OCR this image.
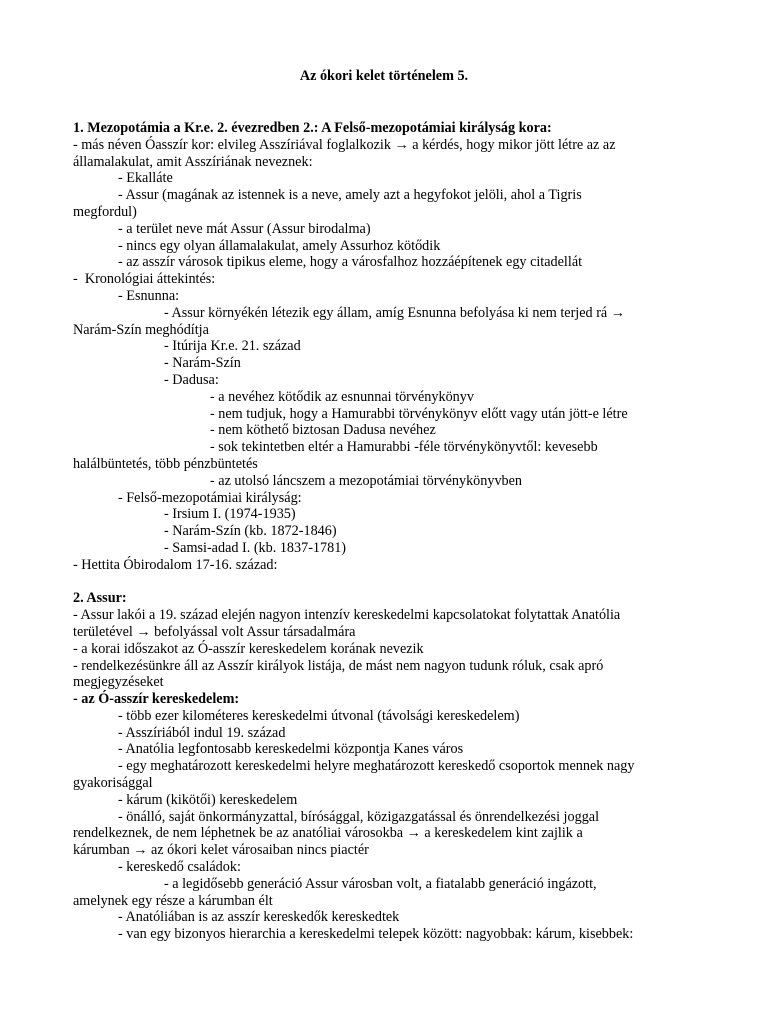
Az ókori kelet történelem 5.
1. Mezopotámia a Kr.e. 2. évezredben 2.: A Felső-mezopotámiai királyság kora:
- más néven Óasszír kor: elvileg Asszíriával foglalkozik → a kérdés, hogy mikor jött létre az az
államalakulat, amit Asszíriának neveznek:
- Ekalláte
- Assur (magának az istennek is a neve, amely azt a hegyfokot jelöli, ahol a Tigris
megfordul)
- a terület neve mát Assur (Assur birodalma)
- nincs egy olyan államalakulat, amely Assurhoz kötődik
- az asszír városok tipikus eleme, hogy a városfalhoz hozzáépítenek egy citadellát
-  Kronológiai áttekintés:
- Esnunna:
- Assur környékén létezik egy állam, amíg Esnunna befolyása ki nem terjed rá →
Narám-Szín meghódítja
- Itúrija Kr.e. 21. század
- Narám-Szín
- Dadusa:
- a nevéhez kötődik az esnunnai törvénykönyv
- nem tudjuk, hogy a Hamurabbi törvénykönyv előtt vagy után jött-e létre
- nem köthető biztosan Dadusa nevéhez
- sok tekintetben eltér a Hamurabbi -féle törvénykönyvtől: kevesebb
halálbüntetés, több pénzbüntetés
- az utolsó láncszem a mezopotámiai törvénykönyvben
- Felső-mezopotámiai királyság:
- Irsium I. (1974-1935)
- Narám-Szín (kb. 1872-1846)
- Samsi-adad I. (kb. 1837-1781)
- Hettita Óbirodalom 17-16. század:
2. Assur:
- Assur lakói a 19. század elején nagyon intenzív kereskedelmi kapcsolatokat folytattak Anatólia
területével → befolyással volt Assur társadalmára
- a korai időszakot az Ó-asszír kereskedelem korának nevezik
- rendelkezésünkre áll az Asszír királyok listája, de mást nem nagyon tudunk róluk, csak apró
megjegyzéseket
- az Ó-asszír kereskedelem:
- több ezer kilométeres kereskedelmi útvonal (távolsági kereskedelem)
- Asszíriából indul 19. század
- Anatólia legfontosabb kereskedelmi központja Kanes város
- egy meghatározott kereskedelmi helyre meghatározott kereskedő csoportok mennek nagy
gyakorisággal
- kárum (kikötői) kereskedelem
- önálló, saját önkormányzattal, bírósággal, közigazgatással és önrendelkezési joggal
rendelkeznek, de nem léphetnek be az anatóliai városokba → a kereskedelem kint zajlik a
kárumban → az ókori kelet városaiban nincs piactér
- kereskedő családok:
- a legidősebb generáció Assur városban volt, a fiatalabb generáció ingázott,
amelynek egy része a kárumban élt
- Anatóliában is az asszír kereskedők kereskedtek
- van egy bizonyos hierarchia a kereskedelmi telepek között: nagyobbak: kárum, kisebbek:
